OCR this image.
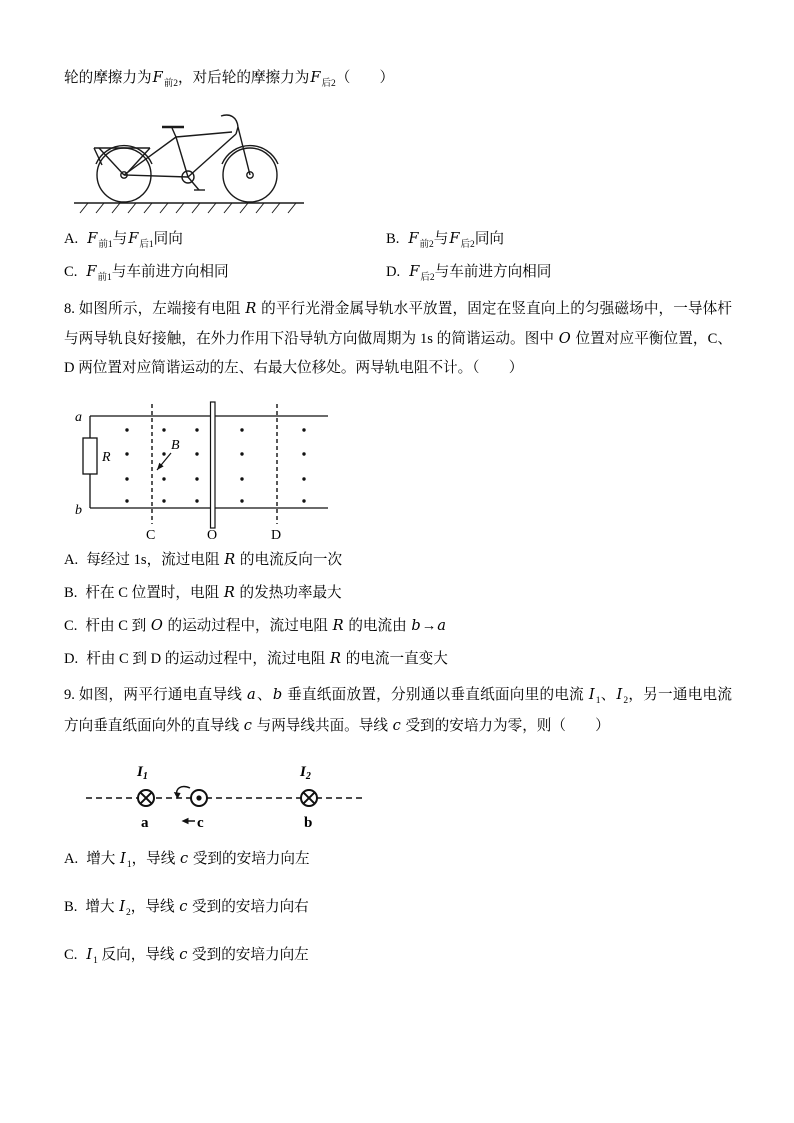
轮的摩擦力为$F_{前2}$，对后轮的摩擦力为$F_{后2}$（　　）
A. $F_{前1}$与$F_{后1}$同向	B. $F_{前2}$与$F_{后2}$同向
C. $F_{前1}$与车前进方向相同	D. $F_{后2}$与车前进方向相同

8. 如图所示，左端接有电阻 R 的平行光滑金属导轨水平放置，固定在竖直向上的匀强磁场中，一导体杆与两导轨良好接触，在外力作用下沿导轨方向做周期为 1s 的简谐运动。图中 O 位置对应平衡位置，C、D 两位置对应简谐运动的左、右最大位移处。两导轨电阻不计。（　　）

B
a
b
R
C	O	D
A. 每经过 1s，流过电阻 R 的电流反向一次
B. 杆在 C 位置时，电阻 R 的发热功率最大
C. 杆由 C 到 O 的运动过程中，流过电阻 R 的电流由 b→a
D. 杆由 C 到 D 的运动过程中，流过电阻 R 的电流一直变大

9. 如图，两平行通电直导线 a、b 垂直纸面放置，分别通以垂直纸面向里的电流 $I_1$、$I_2$，另一通电电流方向垂直纸面向外的直导线 c 与两导线共面。导线 c 受到的安培力为零，则（　　）

$I_1$	$I_2$
a	c	b
A. 增大 $I_1$，导线 c 受到的安培力向左
B. 增大 $I_2$，导线 c 受到的安培力向右
C. $I_1$ 反向，导线 c 受到的安培力向左
